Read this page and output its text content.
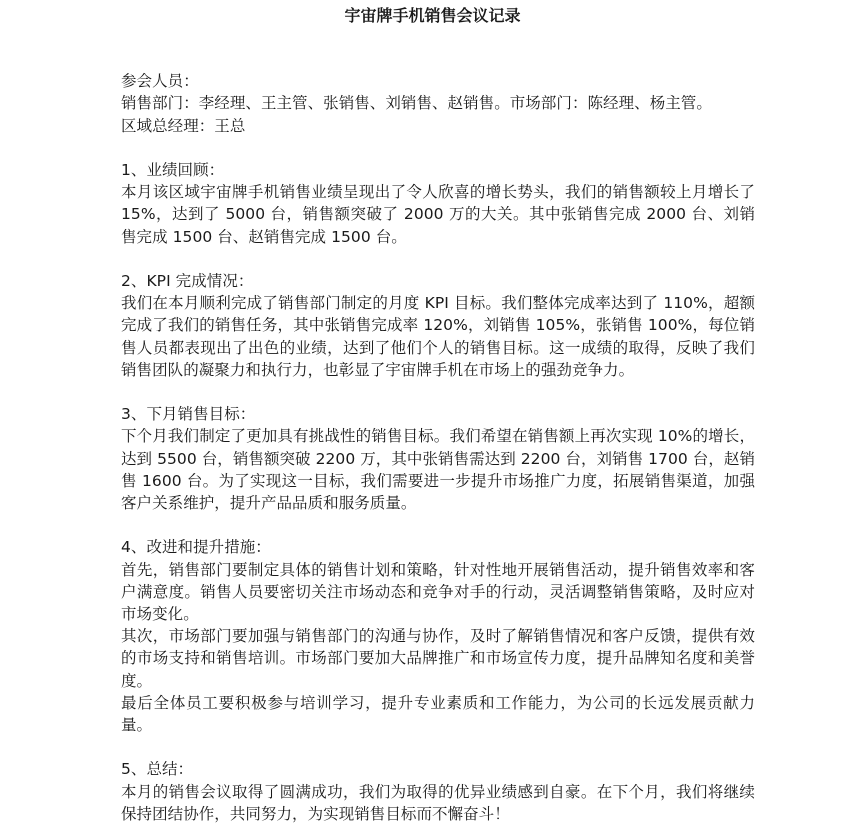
宇宙牌手机销售会议记录

参会人员：

销售部门：李经理、王主管、张销售、刘销售、赵销售。市场部门：陈经理、杨主管。

区域总经理：王总

1、业绩回顾：

本月该区域宇宙牌手机销售业绩呈现出了令人欣喜的增长势头，我们的销售额较上月增长了 15%，达到了 5000 台，销售额突破了 2000 万的大关。其中张销售完成 2000 台、刘销售完成 1500 台、赵销售完成 1500 台。

2、KPI 完成情况：

我们在本月顺利完成了销售部门制定的月度 KPI 目标。我们整体完成率达到了 110%，超额完成了我们的销售任务，其中张销售完成率 120%，刘销售 105%，张销售 100%，每位销售人员都表现出了出色的业绩，达到了他们个人的销售目标。这一成绩的取得，反映了我们销售团队的凝聚力和执行力，也彰显了宇宙牌手机在市场上的强劲竞争力。

3、下月销售目标：

下个月我们制定了更加具有挑战性的销售目标。我们希望在销售额上再次实现 10%的增长，达到 5500 台，销售额突破 2200 万，其中张销售需达到 2200 台，刘销售 1700 台，赵销售 1600 台。为了实现这一目标，我们需要进一步提升市场推广力度，拓展销售渠道，加强客户关系维护，提升产品品质和服务质量。

4、改进和提升措施：

首先，销售部门要制定具体的销售计划和策略，针对性地开展销售活动，提升销售效率和客户满意度。销售人员要密切关注市场动态和竞争对手的行动，灵活调整销售策略，及时应对市场变化。

其次，市场部门要加强与销售部门的沟通与协作，及时了解销售情况和客户反馈，提供有效的市场支持和销售培训。市场部门要加大品牌推广和市场宣传力度，提升品牌知名度和美誉度。

最后全体员工要积极参与培训学习，提升专业素质和工作能力，为公司的长远发展贡献力量。

5、总结：

本月的销售会议取得了圆满成功，我们为取得的优异业绩感到自豪。在下个月，我们将继续保持团结协作，共同努力，为实现销售目标而不懈奋斗！
